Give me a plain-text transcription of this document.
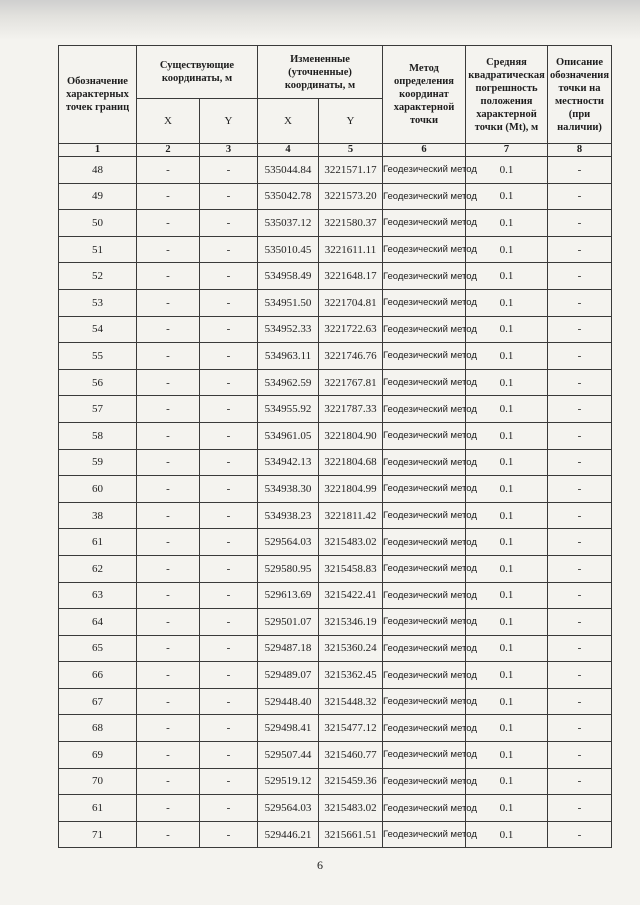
Обозначение характерных точек границ	Существующие координаты, м		Измененные (уточненные) координаты, м		Метод определения координат характерной точки	Средняя квадратическая погрешность положения характерной точки (Mt), м	Описание обозначения точки на местности (при наличии)
	X	Y	X	Y			
1	2	3	4	5	6	7	8
48	-	-	535044.84	3221571.17	Геодезический метод	0.1	-
49	-	-	535042.78	3221573.20	Геодезический метод	0.1	-
50	-	-	535037.12	3221580.37	Геодезический метод	0.1	-
51	-	-	535010.45	3221611.11	Геодезический метод	0.1	-
52	-	-	534958.49	3221648.17	Геодезический метод	0.1	-
53	-	-	534951.50	3221704.81	Геодезический метод	0.1	-
54	-	-	534952.33	3221722.63	Геодезический метод	0.1	-
55	-	-	534963.11	3221746.76	Геодезический метод	0.1	-
56	-	-	534962.59	3221767.81	Геодезический метод	0.1	-
57	-	-	534955.92	3221787.33	Геодезический метод	0.1	-
58	-	-	534961.05	3221804.90	Геодезический метод	0.1	-
59	-	-	534942.13	3221804.68	Геодезический метод	0.1	-
60	-	-	534938.30	3221804.99	Геодезический метод	0.1	-
38	-	-	534938.23	3221811.42	Геодезический метод	0.1	-
61	-	-	529564.03	3215483.02	Геодезический метод	0.1	-
62	-	-	529580.95	3215458.83	Геодезический метод	0.1	-
63	-	-	529613.69	3215422.41	Геодезический метод	0.1	-
64	-	-	529501.07	3215346.19	Геодезический метод	0.1	-
65	-	-	529487.18	3215360.24	Геодезический метод	0.1	-
66	-	-	529489.07	3215362.45	Геодезический метод	0.1	-
67	-	-	529448.40	3215448.32	Геодезический метод	0.1	-
68	-	-	529498.41	3215477.12	Геодезический метод	0.1	-
69	-	-	529507.44	3215460.77	Геодезический метод	0.1	-
70	-	-	529519.12	3215459.36	Геодезический метод	0.1	-
61	-	-	529564.03	3215483.02	Геодезический метод	0.1	-
71	-	-	529446.21	3215661.51	Геодезический метод	0.1	-
6
